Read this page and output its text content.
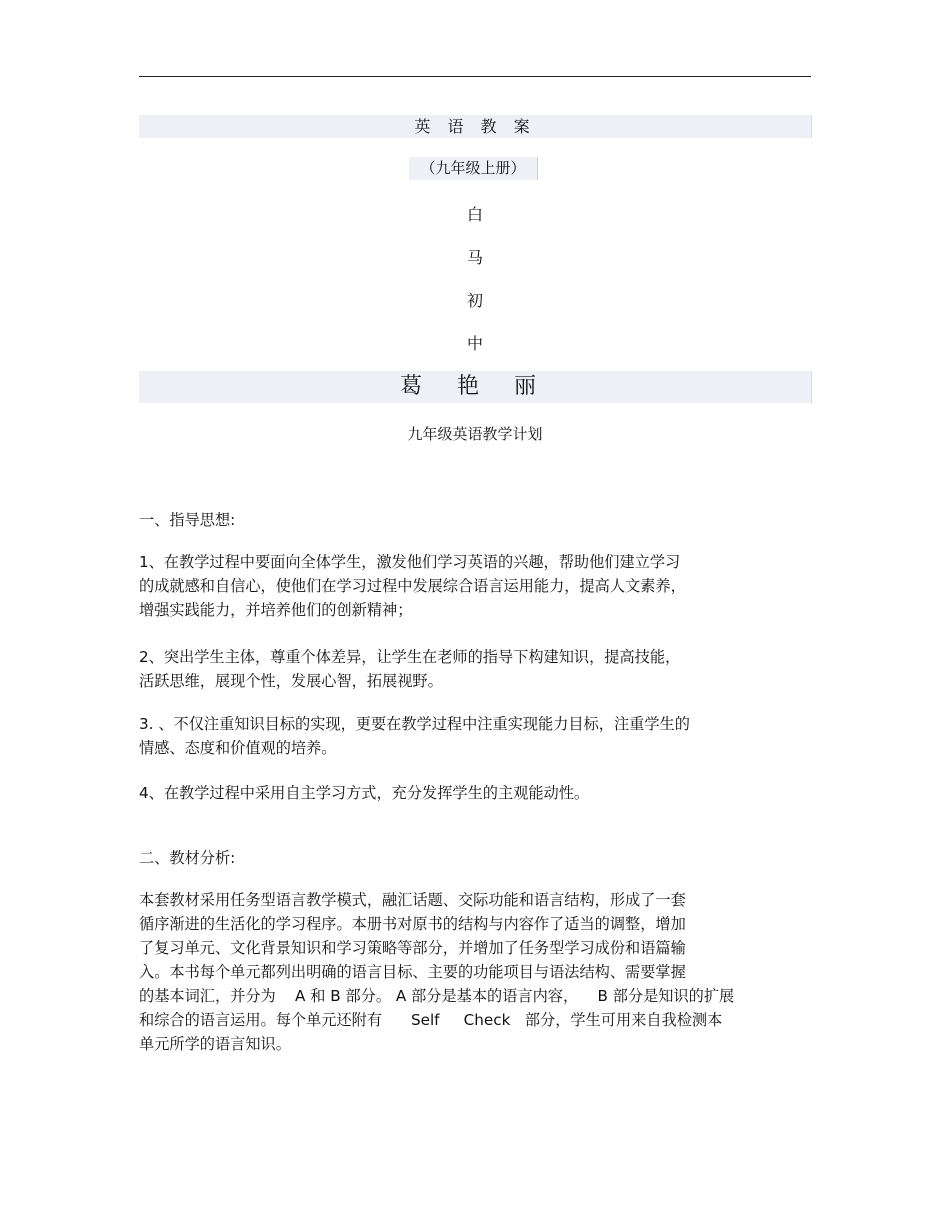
英 语 教 案
（九年级上册）
白
马
初
中
葛 艳 丽
九年级英语教学计划
一、指导思想:
1、在教学过程中要面向全体学生，激发他们学习英语的兴趣，帮助他们建立学习
的成就感和自信心，使他们在学习过程中发展综合语言运用能力，提高人文素养，
增强实践能力，并培养他们的创新精神；
2、突出学生主体，尊重个体差异，让学生在老师的指导下构建知识，提高技能，
活跃思维，展现个性，发展心智，拓展视野。
3. 、不仅注重知识目标的实现，更要在教学过程中注重实现能力目标，注重学生的
情感、态度和价值观的培养。
4、在教学过程中采用自主学习方式，充分发挥学生的主观能动性。
二、教材分析:
本套教材采用任务型语言教学模式，融汇话题、交际功能和语言结构，形成了一套
循序渐进的生活化的学习程序。本册书对原书的结构与内容作了适当的调整，增加
了复习单元、文化背景知识和学习策略等部分，并增加了任务型学习成份和语篇输
入。本书每个单元都列出明确的语言目标、主要的功能项目与语法结构、需要掌握
的基本词汇，并分为    A 和 B 部分。 A 部分是基本的语言内容，    B 部分是知识的扩展
和综合的语言运用。每个单元还附有      Self     Check   部分，学生可用来自我检测本
单元所学的语言知识。
